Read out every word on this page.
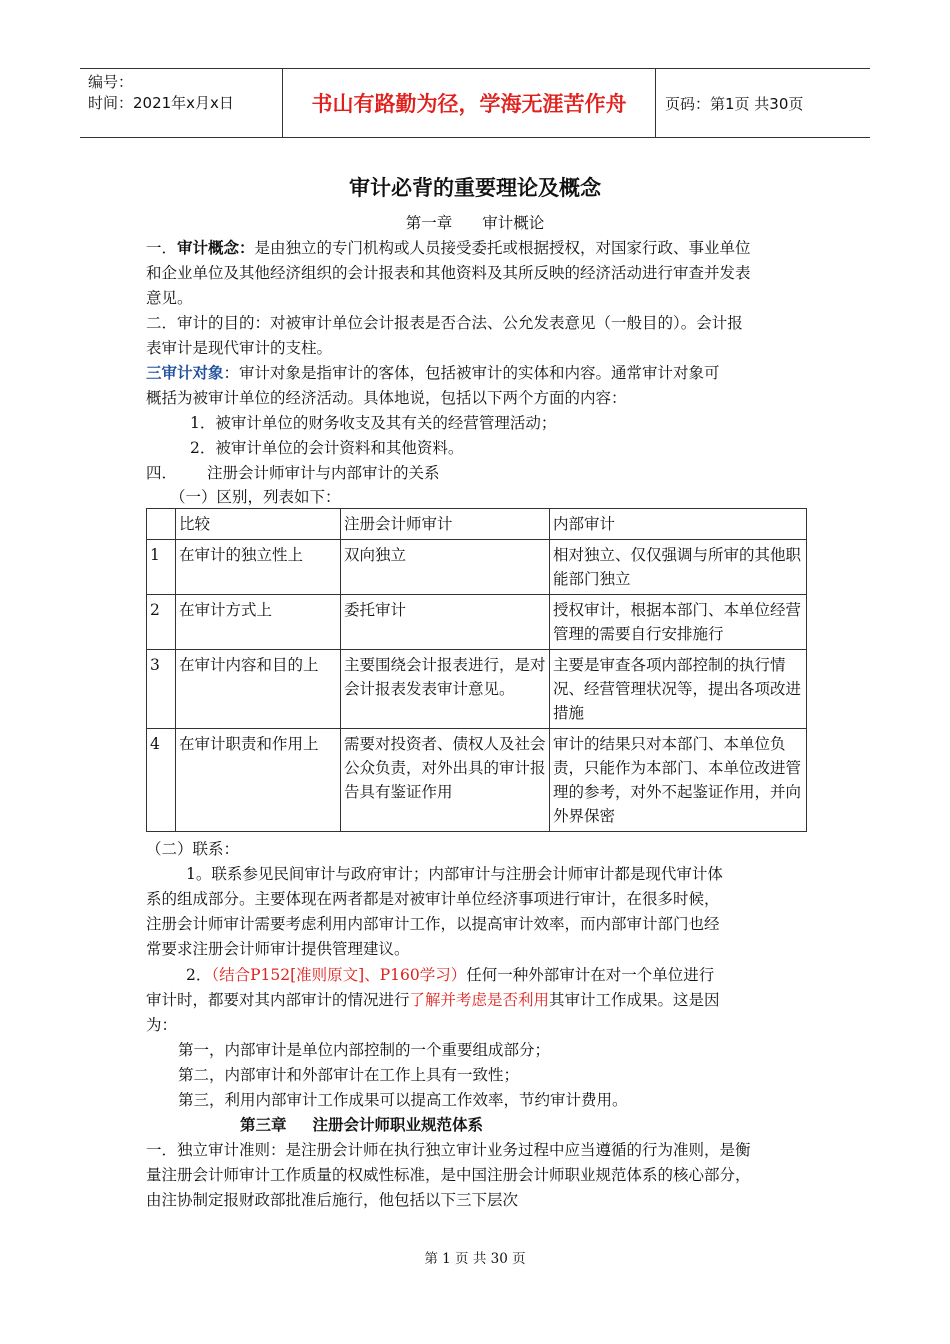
编号：
时间：2021年x月x日	书山有路勤为径，学海无涯苦作舟	页码：第1页 共30页
审计必背的重要理论及概念
第一章 审计概论
一．审计概念：是由独立的专门机构或人员接受委托或根据授权，对国家行政、事业单位
和企业单位及其他经济组织的会计报表和其他资料及其所反映的经济活动进行审查并发表
意见。
二．审计的目的：对被审计单位会计报表是否合法、公允发表意见（一般目的）。会计报
表审计是现代审计的支柱。
三审计对象：审计对象是指审计的客体，包括被审计的实体和内容。通常审计对象可
概括为被审计单位的经济活动。具体地说，包括以下两个方面的内容：
1．被审计单位的财务收支及其有关的经营管理活动；
2．被审计单位的会计资料和其他资料。
四． 注册会计师审计与内部审计的关系
（一）区别，列表如下：
	比较	注册会计师审计	内部审计
1	在审计的独立性上	双向独立	相对独立、仅仅强调与所审的其他职能部门独立
2	在审计方式上	委托审计	授权审计，根据本部门、本单位经营管理的需要自行安排施行
3	在审计内容和目的上	主要围绕会计报表进行，是对会计报表发表审计意见。	主要是审查各项内部控制的执行情况、经营管理状况等，提出各项改进措施
4	在审计职责和作用上	需要对投资者、债权人及社会公众负责，对外出具的审计报告具有鉴证作用	审计的结果只对本部门、本单位负责，只能作为本部门、本单位改进管理的参考，对外不起鉴证作用，并向外界保密
（二）联系：
1。联系参见民间审计与政府审计；内部审计与注册会计师审计都是现代审计体
系的组成部分。主要体现在两者都是对被审计单位经济事项进行审计，在很多时候，
注册会计师审计需要考虑利用内部审计工作，以提高审计效率，而内部审计部门也经
常要求注册会计师审计提供管理建议。
2．（结合P152[准则原文]、P160学习）任何一种外部审计在对一个单位进行
审计时，都要对其内部审计的情况进行了解并考虑是否利用其审计工作成果。这是因
为：
第一，内部审计是单位内部控制的一个重要组成部分；
第二，内部审计和外部审计在工作上具有一致性；
第三，利用内部审计工作成果可以提高工作效率，节约审计费用。
第三章 注册会计师职业规范体系
一．独立审计准则：是注册会计师在执行独立审计业务过程中应当遵循的行为准则，是衡
量注册会计师审计工作质量的权威性标准，是中国注册会计师职业规范体系的核心部分，
由注协制定报财政部批准后施行，他包括以下三下层次
第 1 页 共 30 页
